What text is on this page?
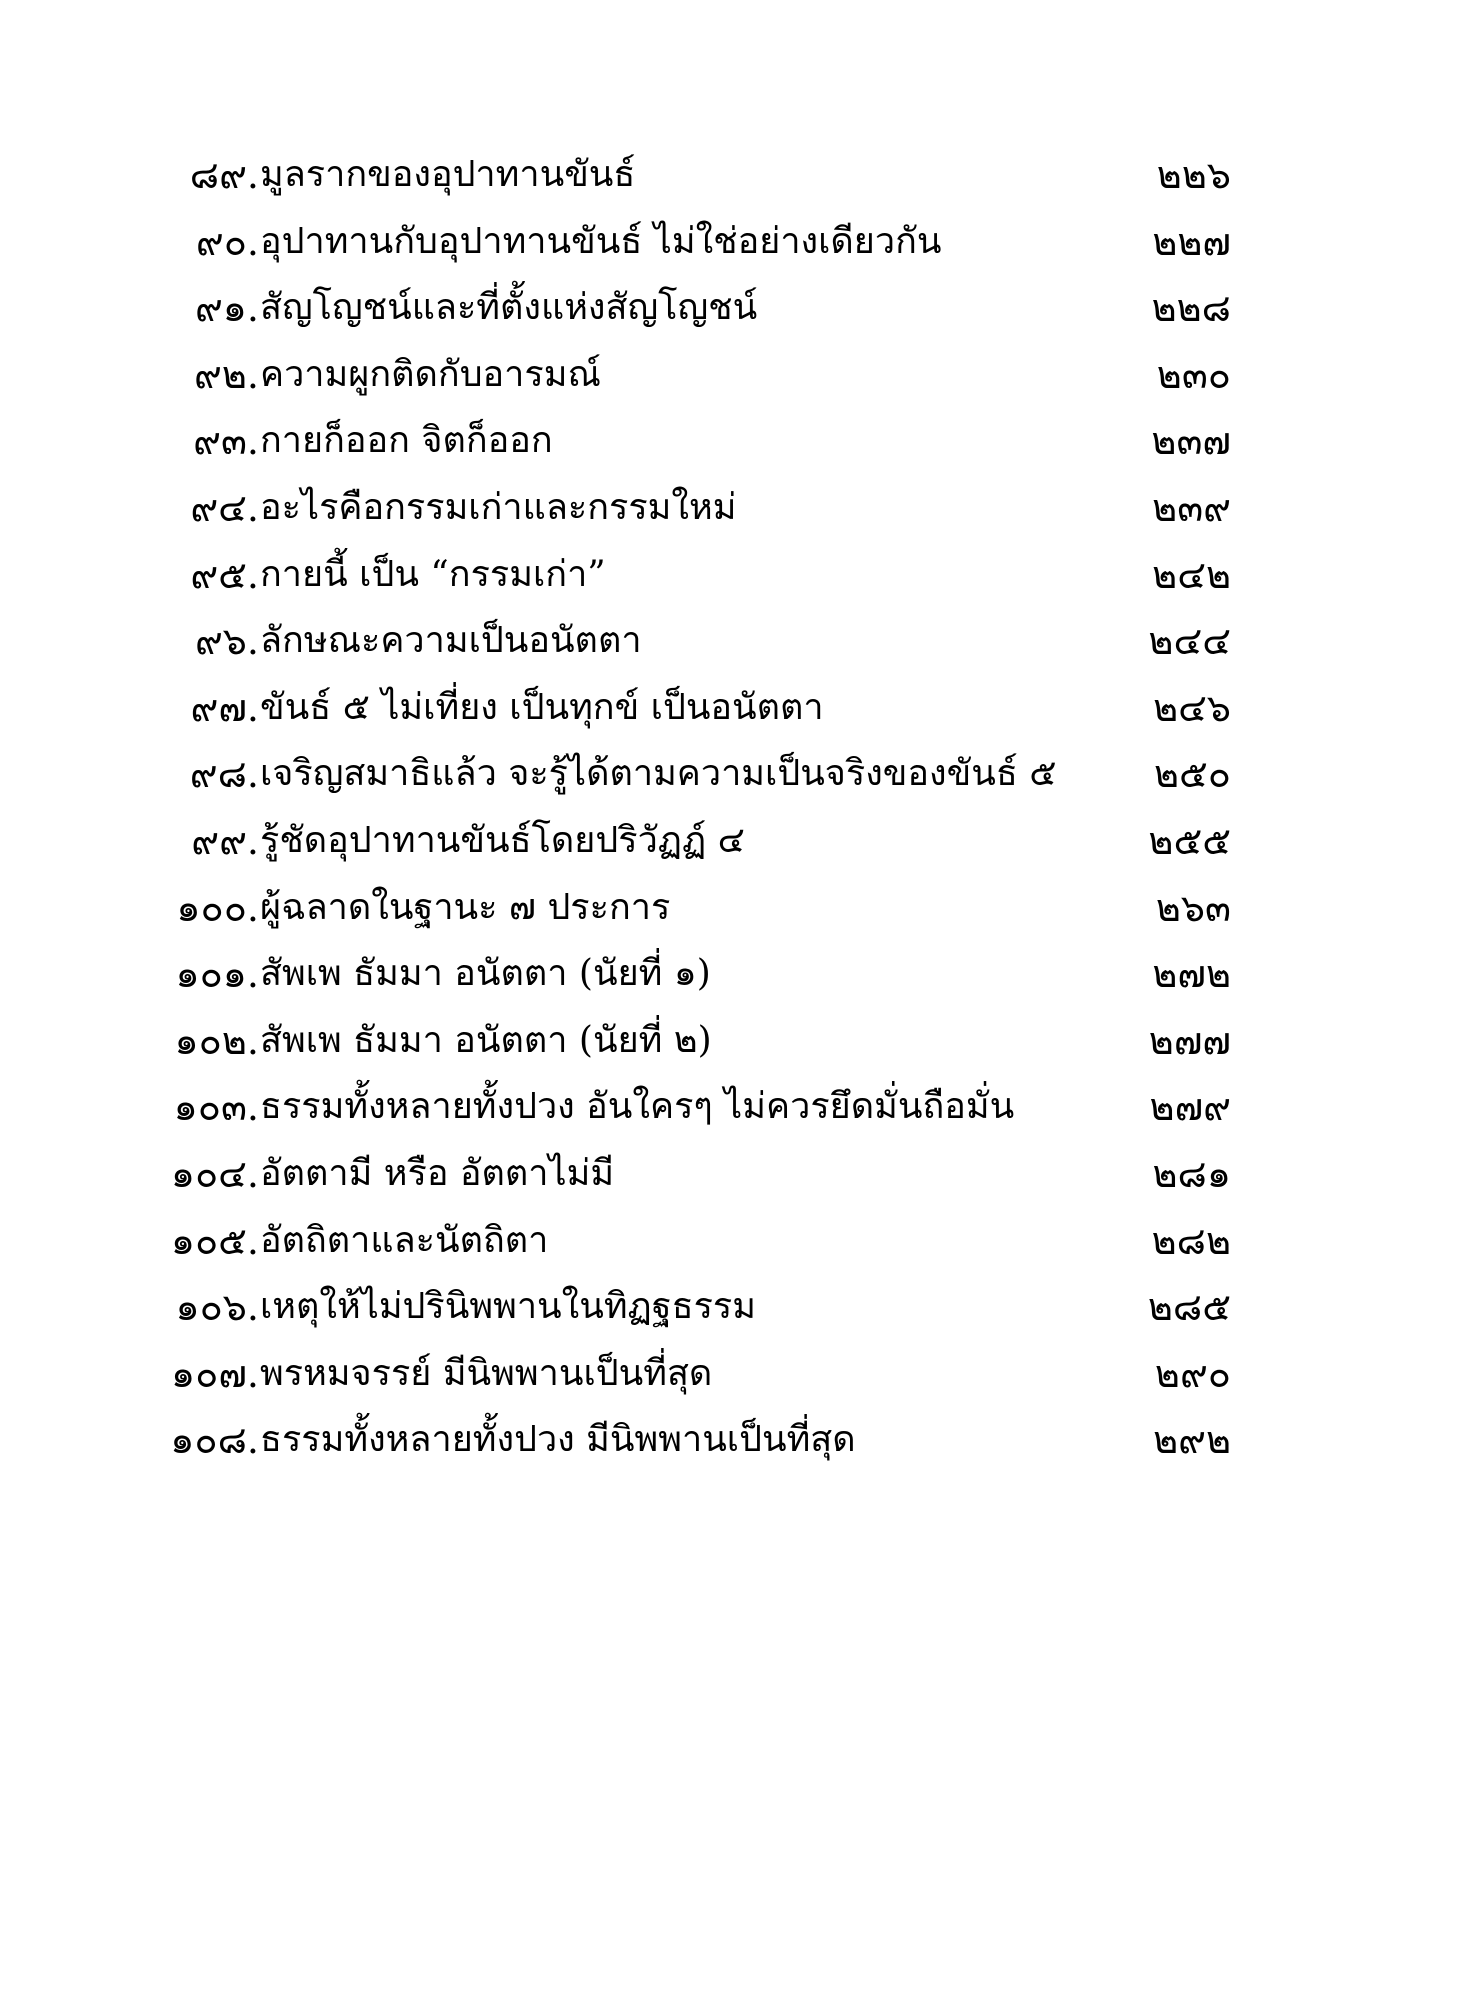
๘๙. มูลรากของอุปาทานขันธ์	๒๒๖
๙๐. อุปาทานกับอุปาทานขันธ์ ไม่ใช่อย่างเดียวกัน	๒๒๗
๙๑. สัญโญชน์และที่ตั้งแห่งสัญโญชน์	๒๒๘
๙๒. ความผูกติดกับอารมณ์	๒๓๐
๙๓. กายก็ออก จิตก็ออก	๒๓๗
๙๔. อะไรคือกรรมเก่าและกรรมใหม่	๒๓๙
๙๕. กายนี้ เป็น “กรรมเก่า”	๒๔๒
๙๖. ลักษณะความเป็นอนัตตา	๒๔๔
๙๗. ขันธ์ ๕ ไม่เที่ยง เป็นทุกข์ เป็นอนัตตา	๒๔๖
๙๘. เจริญสมาธิแล้ว จะรู้ได้ตามความเป็นจริงของขันธ์ ๕	๒๕๐
๙๙. รู้ชัดอุปาทานขันธ์โดยปริวัฏฏ์ ๔	๒๕๕
๑๐๐. ผู้ฉลาดในฐานะ ๗ ประการ	๒๖๓
๑๐๑. สัพเพ ธัมมา อนัตตา (นัยที่ ๑)	๒๗๒
๑๐๒. สัพเพ ธัมมา อนัตตา (นัยที่ ๒)	๒๗๗
๑๐๓. ธรรมทั้งหลายทั้งปวง อันใครๆ ไม่ควรยึดมั่นถือมั่น	๒๗๙
๑๐๔. อัตตามี หรือ อัตตาไม่มี	๒๘๑
๑๐๕. อัตถิตาและนัตถิตา	๒๘๒
๑๐๖. เหตุให้ไม่ปรินิพพานในทิฏฐธรรม	๒๘๕
๑๐๗. พรหมจรรย์ มีนิพพานเป็นที่สุด	๒๙๐
๑๐๘. ธรรมทั้งหลายทั้งปวง มีนิพพานเป็นที่สุด	๒๙๒
